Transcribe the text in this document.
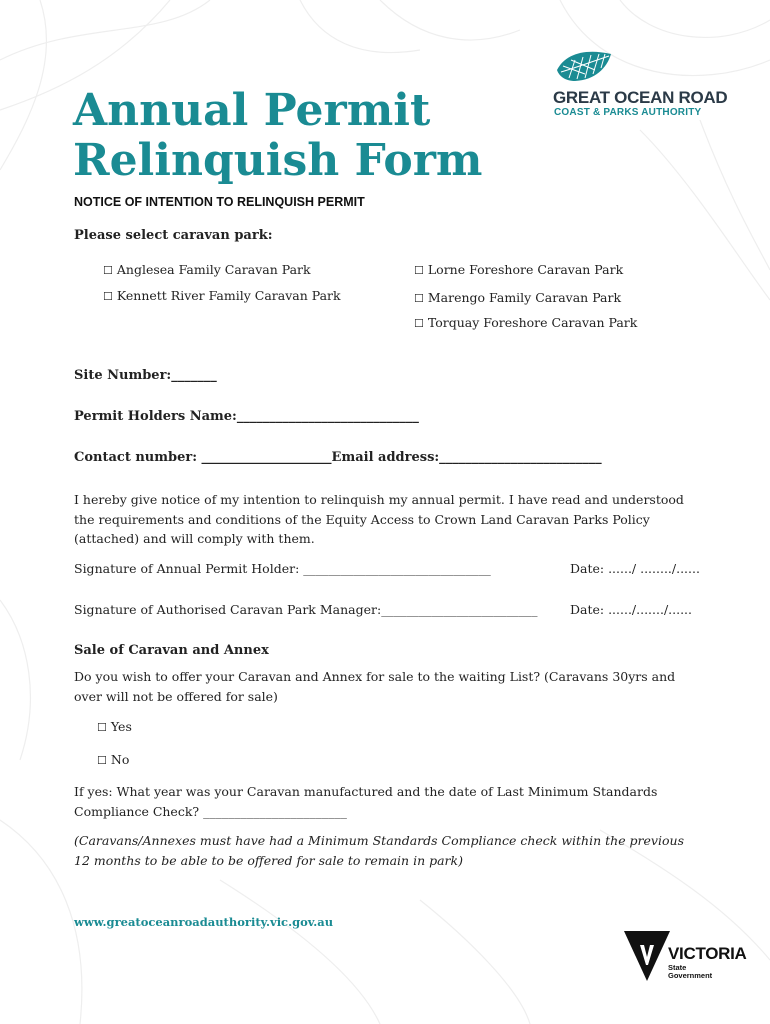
Annual Permit
Relinquish Form
GREAT OCEAN ROAD
COAST & PARKS AUTHORITY
NOTICE OF INTENTION TO RELINQUISH PERMIT
Please select caravan park:
☐ Anglesea Family Caravan Park
☐ Kennett River Family Caravan Park
☐ Lorne Foreshore Caravan Park
☐ Marengo Family Caravan Park
☐ Torquay Foreshore Caravan Park
Site Number:_______
Permit Holders Name:____________________________
Contact number: ____________________Email address:_________________________
I hereby give notice of my intention to relinquish my annual permit. I have read and understood the requirements and conditions of the Equity Access to Crown Land Caravan Parks Policy (attached) and will comply with them.
Signature of Annual Permit Holder: ______________________________	Date: ....../ ......../......
Signature of Authorised Caravan Park Manager:_________________________	Date: ....../......./......
Sale of Caravan and Annex
Do you wish to offer your Caravan and Annex for sale to the waiting List? (Caravans 30yrs and over will not be offered for sale)
☐ Yes
☐ No
If yes: What year was your Caravan manufactured and the date of Last Minimum Standards Compliance Check? _______________________
(Caravans/Annexes must have had a Minimum Standards Compliance check within the previous 12 months to be able to be offered for sale to remain in park)
www.greatoceanroadauthority.vic.gov.au
VICTORIA
State
Government
